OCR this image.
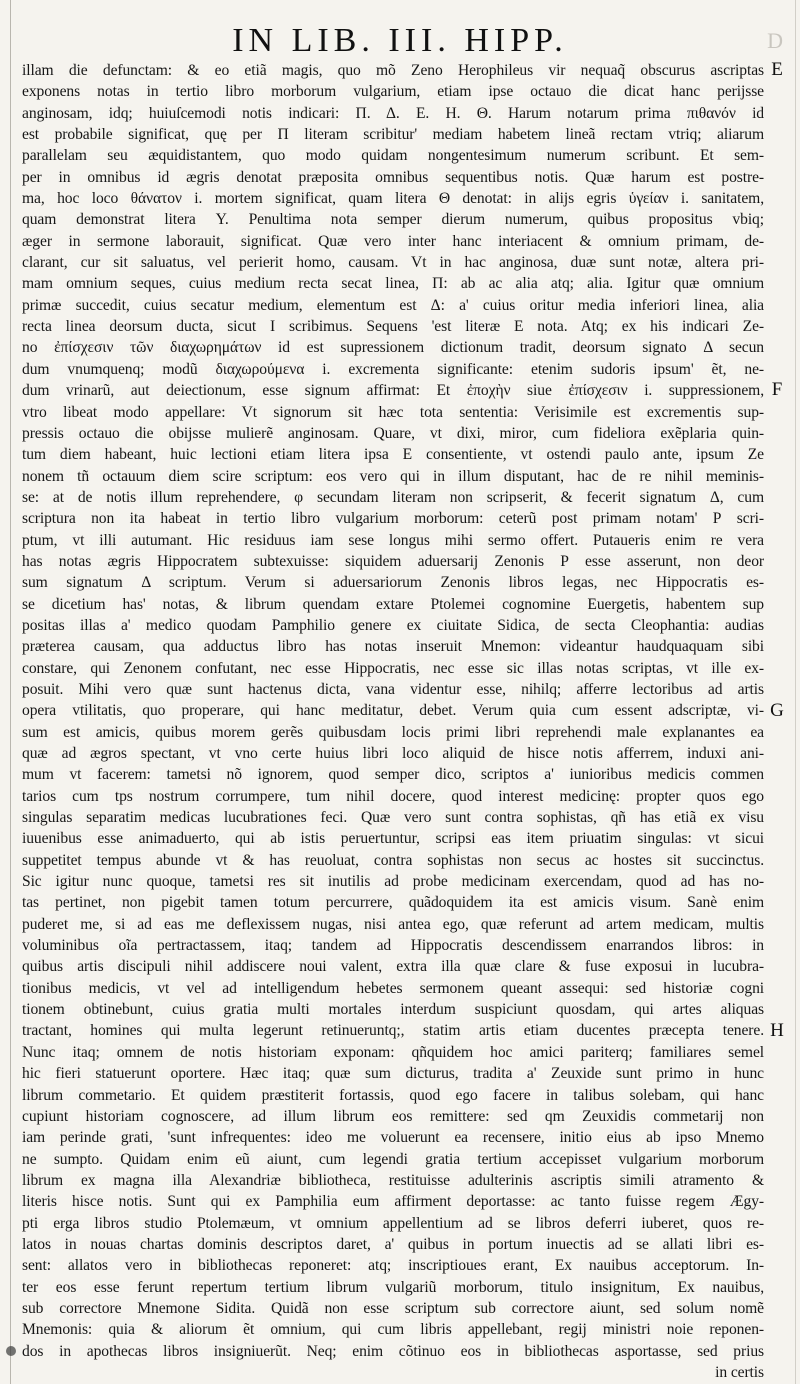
IN LIB. III. HIPP.	D
illam die defunctam: & eo etiã magis, quo mõ Zeno Herophileus vir nequaq̃ obscurus ascriptas
exponens notas in tertio libro morborum vulgarium, etiam ipse octauo die dicat hanc perijsse
anginosam, idq; huiuſcemodi notis indicari: Π. Δ. Ε. Η. Θ. Harum notarum prima πιθανόν id
est probabile significat, quę per Π literam scribitur' mediam habetem lineã rectam vtriq; aliarum
parallelam seu æquidistantem, quo modo quidam nongentesimum numerum scribunt. Et sem-
per in omnibus id ægris denotat præposita omnibus sequentibus notis. Quæ harum est postre-
ma, hoc loco θάνατον i. mortem significat, quam litera Θ denotat: in alijs egris ὑγείαν i. sanitatem,
quam demonstrat litera Υ. Penultima nota semper dierum numerum, quibus propositus vbiq;
æger in sermone laborauit, significat. Quæ vero inter hanc interiacent & omnium primam, de-
clarant, cur sit saluatus, vel perierit homo, causam. Vt in hac anginosa, duæ sunt notæ, altera pri-
mam omnium seques, cuius medium recta secat linea, Π: ab ac alia atq; alia. Igitur quæ omnium
primæ succedit, cuius secatur medium, elementum est Δ: a' cuius oritur media inferiori linea, alia
recta linea deorsum ducta, sicut I scribimus. Sequens 'est literæ Ε nota. Atq; ex his indicari Ze-
no ἐπίσχεσιν τῶν διαχωρημάτων id est supressionem dictionum tradit, deorsum signato Δ secun
dum vnumquenq; modũ διαχωρούμενα i. excrementa significante: etenim sudoris ipsum' ẽt, ne-
dum vrinarũ, aut deiectionum, esse signum affirmat: Et ἐποχὴν siue ἐπίσχεσιν i. suppressionem,
vtro libeat modo appellare: Vt signorum sit hæc tota sententia: Verisimile est excrementis sup-
pressis octauo die obijsse mulierẽ anginosam. Quare, vt dixi, miror, cum fideliora exẽplaria quin-
tum diem habeant, huic lectioni etiam litera ipsa Ε consentiente, vt ostendi paulo ante, ipsum Ze
nonem tñ octauum diem scire scriptum: eos vero qui in illum disputant, hac de re nihil meminis-
se: at de notis illum reprehendere, φ secundam literam non scripserit, & fecerit signatum Δ, cum
scriptura non ita habeat in tertio libro vulgarium morborum: ceterũ post primam notam' Ρ scri-
ptum, vt illi autumant. Hic residuus iam sese longus mihi sermo offert. Putaueris enim re vera
has notas ægris Hippocratem subtexuisse: siquidem aduersarij Zenonis Ρ esse asserunt, non deor
sum signatum Δ scriptum. Verum si aduersariorum Zenonis libros legas, nec Hippocratis es-
se dicetium has' notas, & librum quendam extare Ptolemei cognomine Euergetis, habentem sup
positas illas a' medico quodam Pamphilio genere ex ciuitate Sidica, de secta Cleophantia: audias
præterea causam, qua adductus libro has notas inseruit Mnemon: videantur haudquaquam sibi
constare, qui Zenonem confutant, nec esse Hippocratis, nec esse sic illas notas scriptas, vt ille ex-
posuit. Mihi vero quæ sunt hactenus dicta, vana videntur esse, nihilq; afferre lectoribus ad artis
opera vtilitatis, quo properare, qui hanc meditatur, debet. Verum quia cum essent adscriptæ, vi-
sum est amicis, quibus morem gerẽs quibusdam locis primi libri reprehendi male explanantes ea
quæ ad ægros spectant, vt vno certe huius libri loco aliquid de hisce notis afferrem, induxi ani-
mum vt facerem: tametsi nõ ignorem, quod semper dico, scriptos a' iunioribus medicis commen
tarios cum tps nostrum corrumpere, tum nihil docere, quod interest medicinę: propter quos ego
singulas separatim medicas lucubrationes feci. Quæ vero sunt contra sophistas, qñ has etiã ex visu
iuuenibus esse animaduerto, qui ab istis peruertuntur, scripsi eas item priuatim singulas: vt sicui
suppetitet tempus abunde vt & has reuoluat, contra sophistas non secus ac hostes sit succinctus.
Sic igitur nunc quoque, tametsi res sit inutilis ad probe medicinam exercendam, quod ad has no-
tas pertinet, non pigebit tamen totum percurrere, quãdoquidem ita est amicis visum. Sanè enim
puderet me, si ad eas me deflexissem nugas, nisi antea ego, quæ referunt ad artem medicam, multis
voluminibus oĩa pertractassem, itaq; tandem ad Hippocratis descendissem enarrandos libros: in
quibus artis discipuli nihil addiscere noui valent, extra illa quæ clare & fuse exposui in lucubra-
tionibus medicis, vt vel ad intelligendum hebetes sermonem queant assequi: sed historiæ cogni
tionem obtinebunt, cuius gratia multi mortales interdum suspiciunt quosdam, qui artes aliquas
tractant, homines qui multa legerunt retinueruntq;, statim artis etiam ducentes præcepta tenere.
Nunc itaq; omnem de notis historiam exponam: qñquidem hoc amici pariterq; familiares semel
hic fieri statuerunt oportere. Hæc itaq; quæ sum dicturus, tradita a' Zeuxide sunt primo in hunc
librum commetario. Et quidem præstiterit fortassis, quod ego facere in talibus solebam, qui hanc
cupiunt historiam cognoscere, ad illum librum eos remittere: sed qm Zeuxidis commetarij non
iam perinde grati, 'sunt infrequentes: ideo me voluerunt ea recensere, initio eius ab ipso Mnemo
ne sumpto. Quidam enim eũ aiunt, cum legendi gratia tertium accepisset vulgarium morborum
librum ex magna illa Alexandriæ bibliotheca, restituisse adulterinis ascriptis simili atramento &
literis hisce notis. Sunt qui ex Pamphilia eum affirment deportasse: ac tanto fuisse regem Ægy-
pti erga libros studio Ptolemæum, vt omnium appellentium ad se libros deferri iuberet, quos re-
latos in nouas chartas dominis descriptos daret, a' quibus in portum inuectis ad se allati libri es-
sent: allatos vero in bibliothecas reponeret: atq; inscriptioues erant, Ex nauibus acceptorum. In-
ter eos esse ferunt repertum tertium librum vulgariũ morborum, titulo insignitum, Ex nauibus,
sub correctore Mnemone Sidita. Quidã non esse scriptum sub correctore aiunt, sed solum nomẽ
Mnemonis: quia & aliorum ẽt omnium, qui cum libris appellebant, regij ministri noie reponen-
dos in apothecas libros insigniuerũt. Neq; enim cõtinuo eos in bibliothecas asportasse, sed prius
in certis
E
F
G
H
